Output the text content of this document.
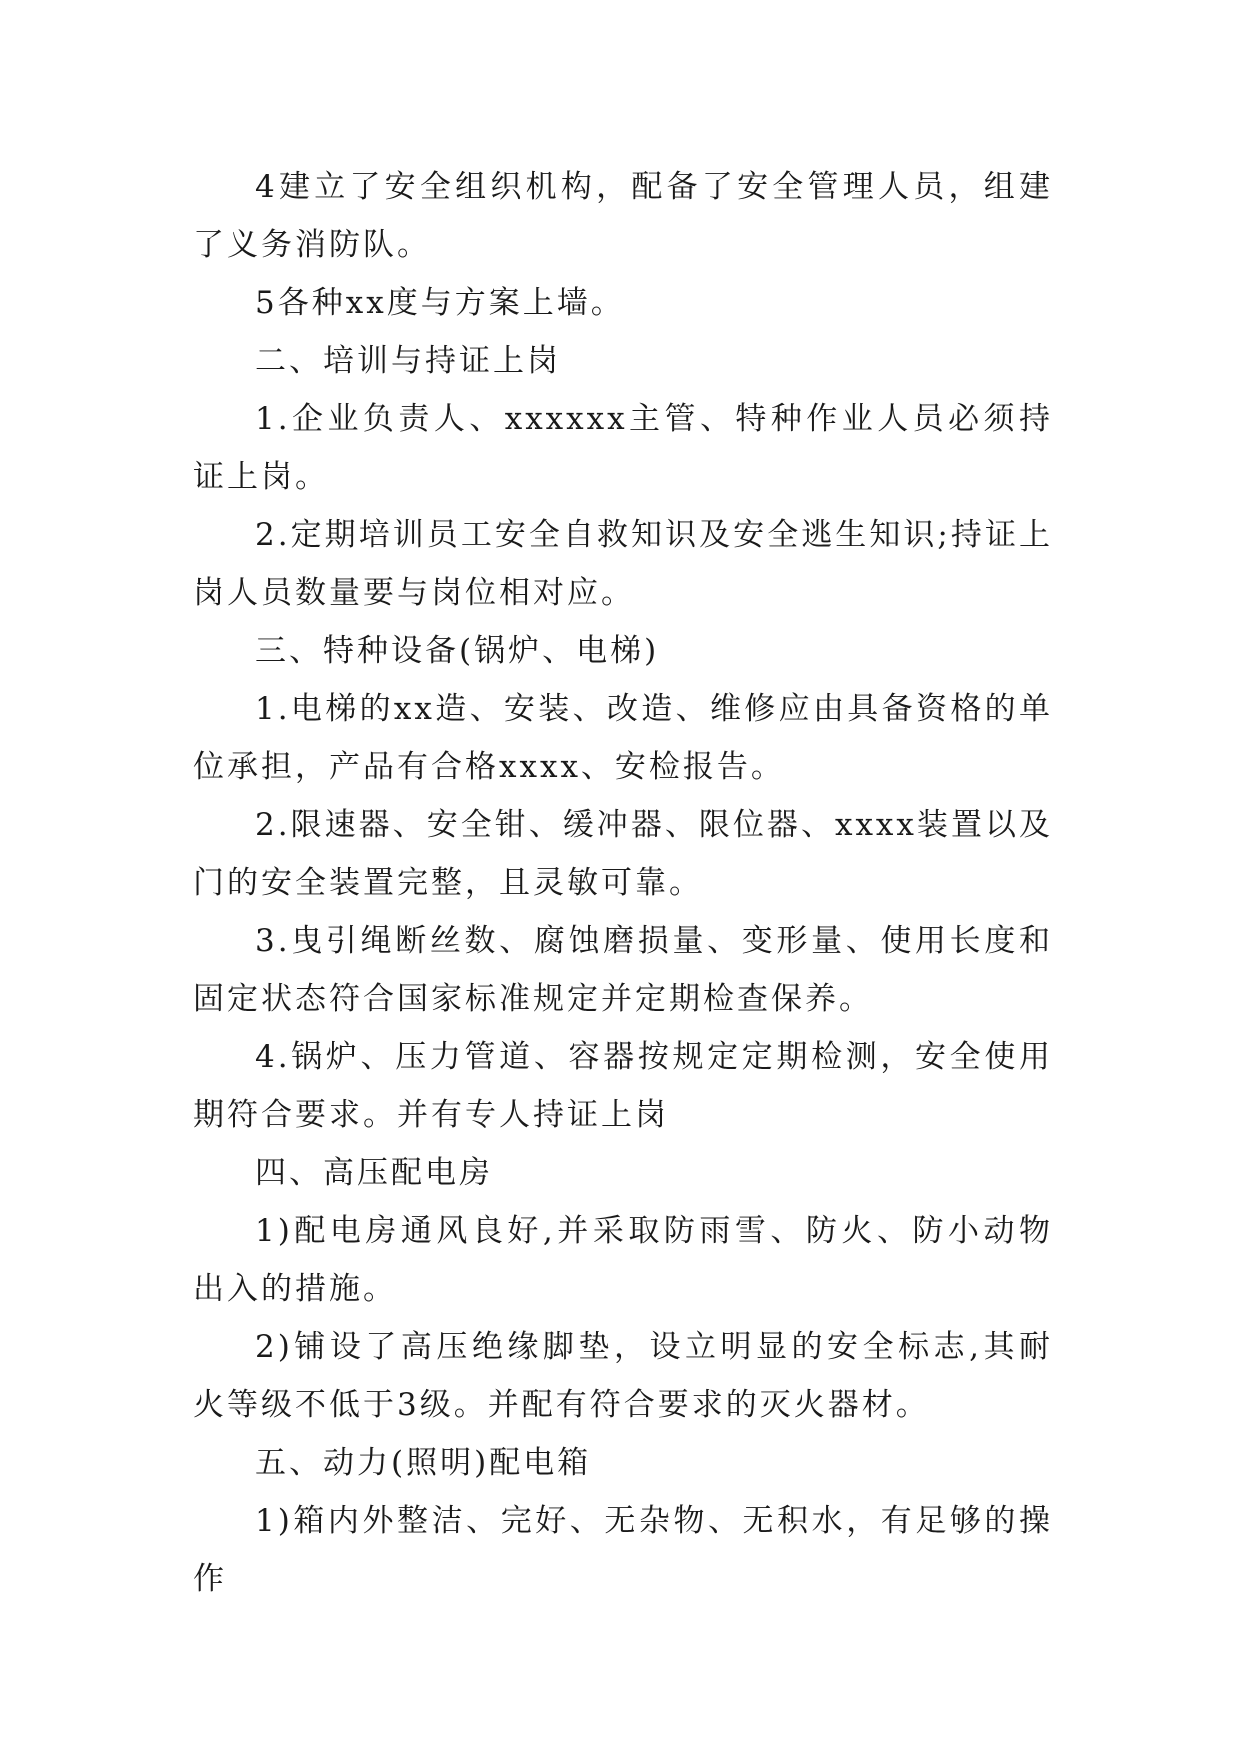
4建立了安全组织机构，配备了安全管理人员，组建了义务消防队。

5各种xx度与方案上墙。

二、培训与持证上岗

1.企业负责人、xxxxxx主管、特种作业人员必须持证上岗。

2.定期培训员工安全自救知识及安全逃生知识;持证上岗人员数量要与岗位相对应。

三、特种设备(锅炉、电梯)

1.电梯的xx造、安装、改造、维修应由具备资格的单位承担，产品有合格xxxx、安检报告。

2.限速器、安全钳、缓冲器、限位器、xxxx装置以及门的安全装置完整，且灵敏可靠。

3.曳引绳断丝数、腐蚀磨损量、变形量、使用长度和固定状态符合国家标准规定并定期检查保养。

4.锅炉、压力管道、容器按规定定期检测，安全使用期符合要求。并有专人持证上岗

四、高压配电房

1)配电房通风良好,并采取防雨雪、防火、防小动物出入的措施。

2)铺设了高压绝缘脚垫，设立明显的安全标志,其耐火等级不低于3级。并配有符合要求的灭火器材。

五、动力(照明)配电箱

1)箱内外整洁、完好、无杂物、无积水，有足够的操作
